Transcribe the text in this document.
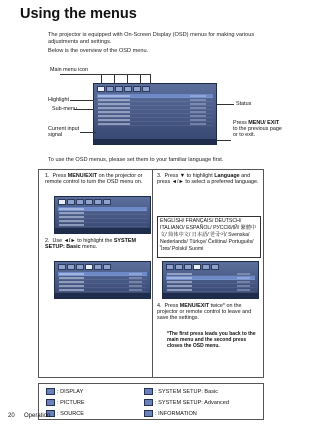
Using the menus
The projector is equipped with On-Screen Display (OSD) menus for making various adjustments and settings.
Below is the overview of the OSD menu.
Main menu icon
Highlight
Sub-menu
Status
Current input signal
Press MENU/ EXIT to the previous page or to exit.
To use the OSD menus, please set them to your familiar language first.
1. Press MENU/EXIT on the projector or remote control to turn the OSD menu on.
2. Use ◄/► to highlight the SYSTEM SETUP: Basic menu.
3. Press ▼ to highlight Language and press ◄/► to select a preferred language.
ENGLISH/ FRANÇAIS/ DEUTSCH/ ITALIANO/ ESPAÑOL/ РУССКИЙ/ 繁體中文/ 简体中文/ 日本語/ 한국어/ Svenska/ Nederlands/ Türkçe/ Čeština/ Português/ ไทย/ Polski/ Suomi
4. Press MENU/EXIT twice* on the projector or remote control to leave and save the settings.
*The first press leads you back to the main menu and the second press closes the OSD menu.
: DISPLAY
: PICTURE
: SOURCE
: SYSTEM SETUP: Basic
: SYSTEM SETUP: Advanced
: INFORMATION
20 Operation
